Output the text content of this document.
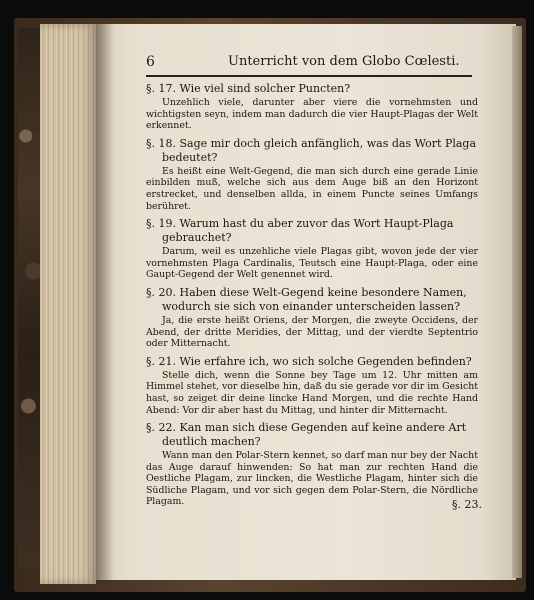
6	Unterricht von dem Globo Cœlesti.

§. 17. Wie viel sind solcher Puncten?

Unzehlich viele, darunter aber viere die vornehmsten und wichtigsten seyn, indem man dadurch die vier Haupt-Plagas der Welt erkennet.

§. 18. Sage mir doch gleich anfänglich, was das Wort Plaga bedeutet?

Es heißt eine Welt-Gegend, die man sich durch eine gerade Linie einbilden muß, welche sich aus dem Auge biß an den Horizont erstrecket, und denselben allda, in einem Puncte seines Umfangs berühret.

§. 19. Warum hast du aber zuvor das Wort Haupt-Plaga gebrauchet?

Darum, weil es unzehliche viele Plagas gibt, wovon jede der vier vornehmsten Plaga Cardinalis, Teutsch eine Haupt-Plaga, oder eine Gaupt-Gegend der Welt genennet wird.

§. 20. Haben diese Welt-Gegend keine besondere Namen, wodurch sie sich von einander unterscheiden lassen?

Ja, die erste heißt Oriens, der Morgen, die zweyte Occidens, der Abend, der dritte Meridies, der Mittag, und der vierdte Septentrio oder Mitternacht.

§. 21. Wie erfahre ich, wo sich solche Gegenden befinden?

Stelle dich, wenn die Sonne bey Tage um 12. Uhr mitten am Himmel stehet, vor dieselbe hin, daß du sie gerade vor dir im Gesicht hast, so zeiget dir deine lincke Hand Morgen, und die rechte Hand Abend: Vor dir aber hast du Mittag, und hinter dir Mitternacht.

§. 22. Kan man sich diese Gegenden auf keine andere Art deutlich machen?

Wann man den Polar-Stern kennet, so darf man nur bey der Nacht das Auge darauf hinwenden: So hat man zur rechten Hand die Oestliche Plagam, zur lincken, die Westliche Plagam, hinter sich die Südliche Plagam, und vor sich gegen dem Polar-Stern, die Nördliche Plagam.	§. 23.
